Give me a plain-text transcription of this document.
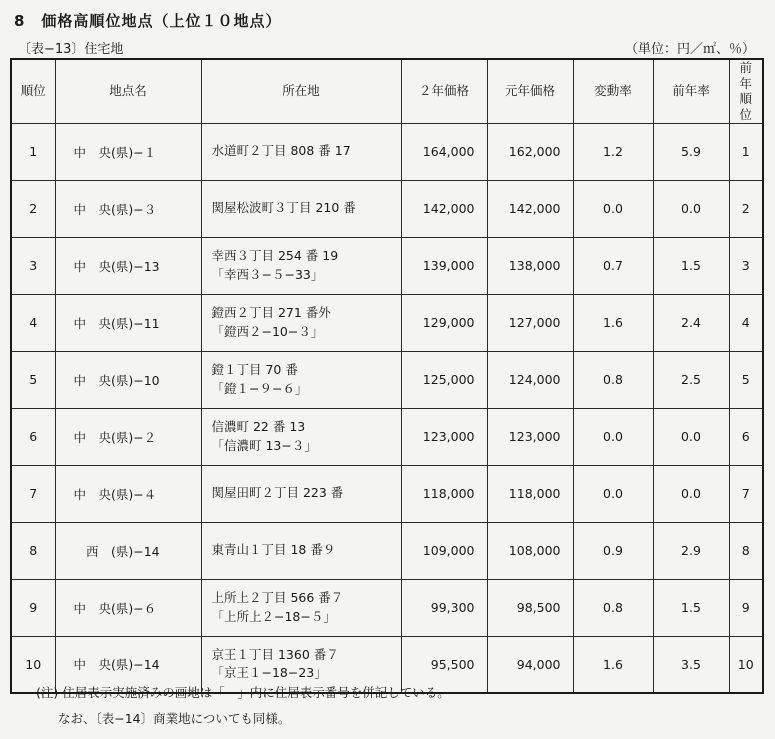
8　価格高順位地点（上位１０地点）
〔表−13〕住宅地	（単位：円／㎡、％）
順位	地点名	所在地	２年価格	元年価格	変動率	前年率	前年
順位
1	中　央(県)−１	水道町２丁目 808 番 17	164,000	162,000	1.2	5.9	1
2	中　央(県)−３	関屋松波町３丁目 210 番	142,000	142,000	0.0	0.0	2
3	中　央(県)−13	幸西３丁目 254 番 19
「幸西３−５−33」	139,000	138,000	0.7	1.5	3
4	中　央(県)−11	鐙西２丁目 271 番外
「鐙西２−10−３」	129,000	127,000	1.6	2.4	4
5	中　央(県)−10	鐙１丁目 70 番
「鐙１−９−６」	125,000	124,000	0.8	2.5	5
6	中　央(県)−２	信濃町 22 番 13
「信濃町 13−３」	123,000	123,000	0.0	0.0	6
7	中　央(県)−４	関屋田町２丁目 223 番	118,000	118,000	0.0	0.0	7
8	　西　(県)−14	東青山１丁目 18 番９	109,000	108,000	0.9	2.9	8
9	中　央(県)−６	上所上２丁目 566 番７
「上所上２−18−５」	99,300	98,500	0.8	1.5	9
10	中　央(県)−14	京王１丁目 1360 番７
「京王１−18−23」	95,500	94,000	1.6	3.5	10
(注) 住居表示実施済みの画地は「　」内に住居表示番号を併記している。
なお、〔表−14〕商業地についても同様。
